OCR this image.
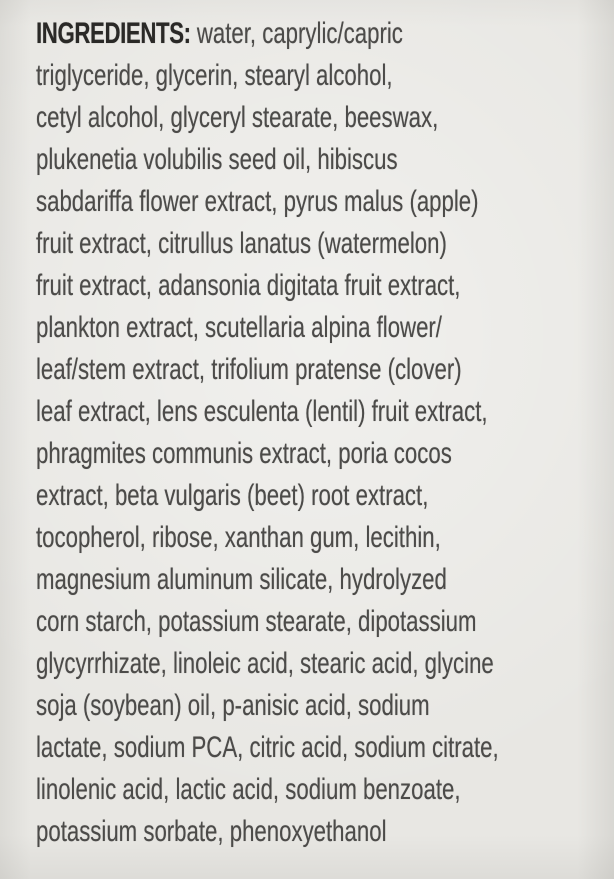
INGREDIENTS: water, caprylic/capric
triglyceride, glycerin, stearyl alcohol,
cetyl alcohol, glyceryl stearate, beeswax,
plukenetia volubilis seed oil, hibiscus
sabdariffa flower extract, pyrus malus (apple)
fruit extract, citrullus lanatus (watermelon)
fruit extract, adansonia digitata fruit extract,
plankton extract, scutellaria alpina flower/
leaf/stem extract, trifolium pratense (clover)
leaf extract, lens esculenta (lentil) fruit extract,
phragmites communis extract, poria cocos
extract, beta vulgaris (beet) root extract,
tocopherol, ribose, xanthan gum, lecithin,
magnesium aluminum silicate, hydrolyzed
corn starch, potassium stearate, dipotassium
glycyrrhizate, linoleic acid, stearic acid, glycine
soja (soybean) oil, p-anisic acid, sodium
lactate, sodium PCA, citric acid, sodium citrate,
linolenic acid, lactic acid, sodium benzoate,
potassium sorbate, phenoxyethanol
